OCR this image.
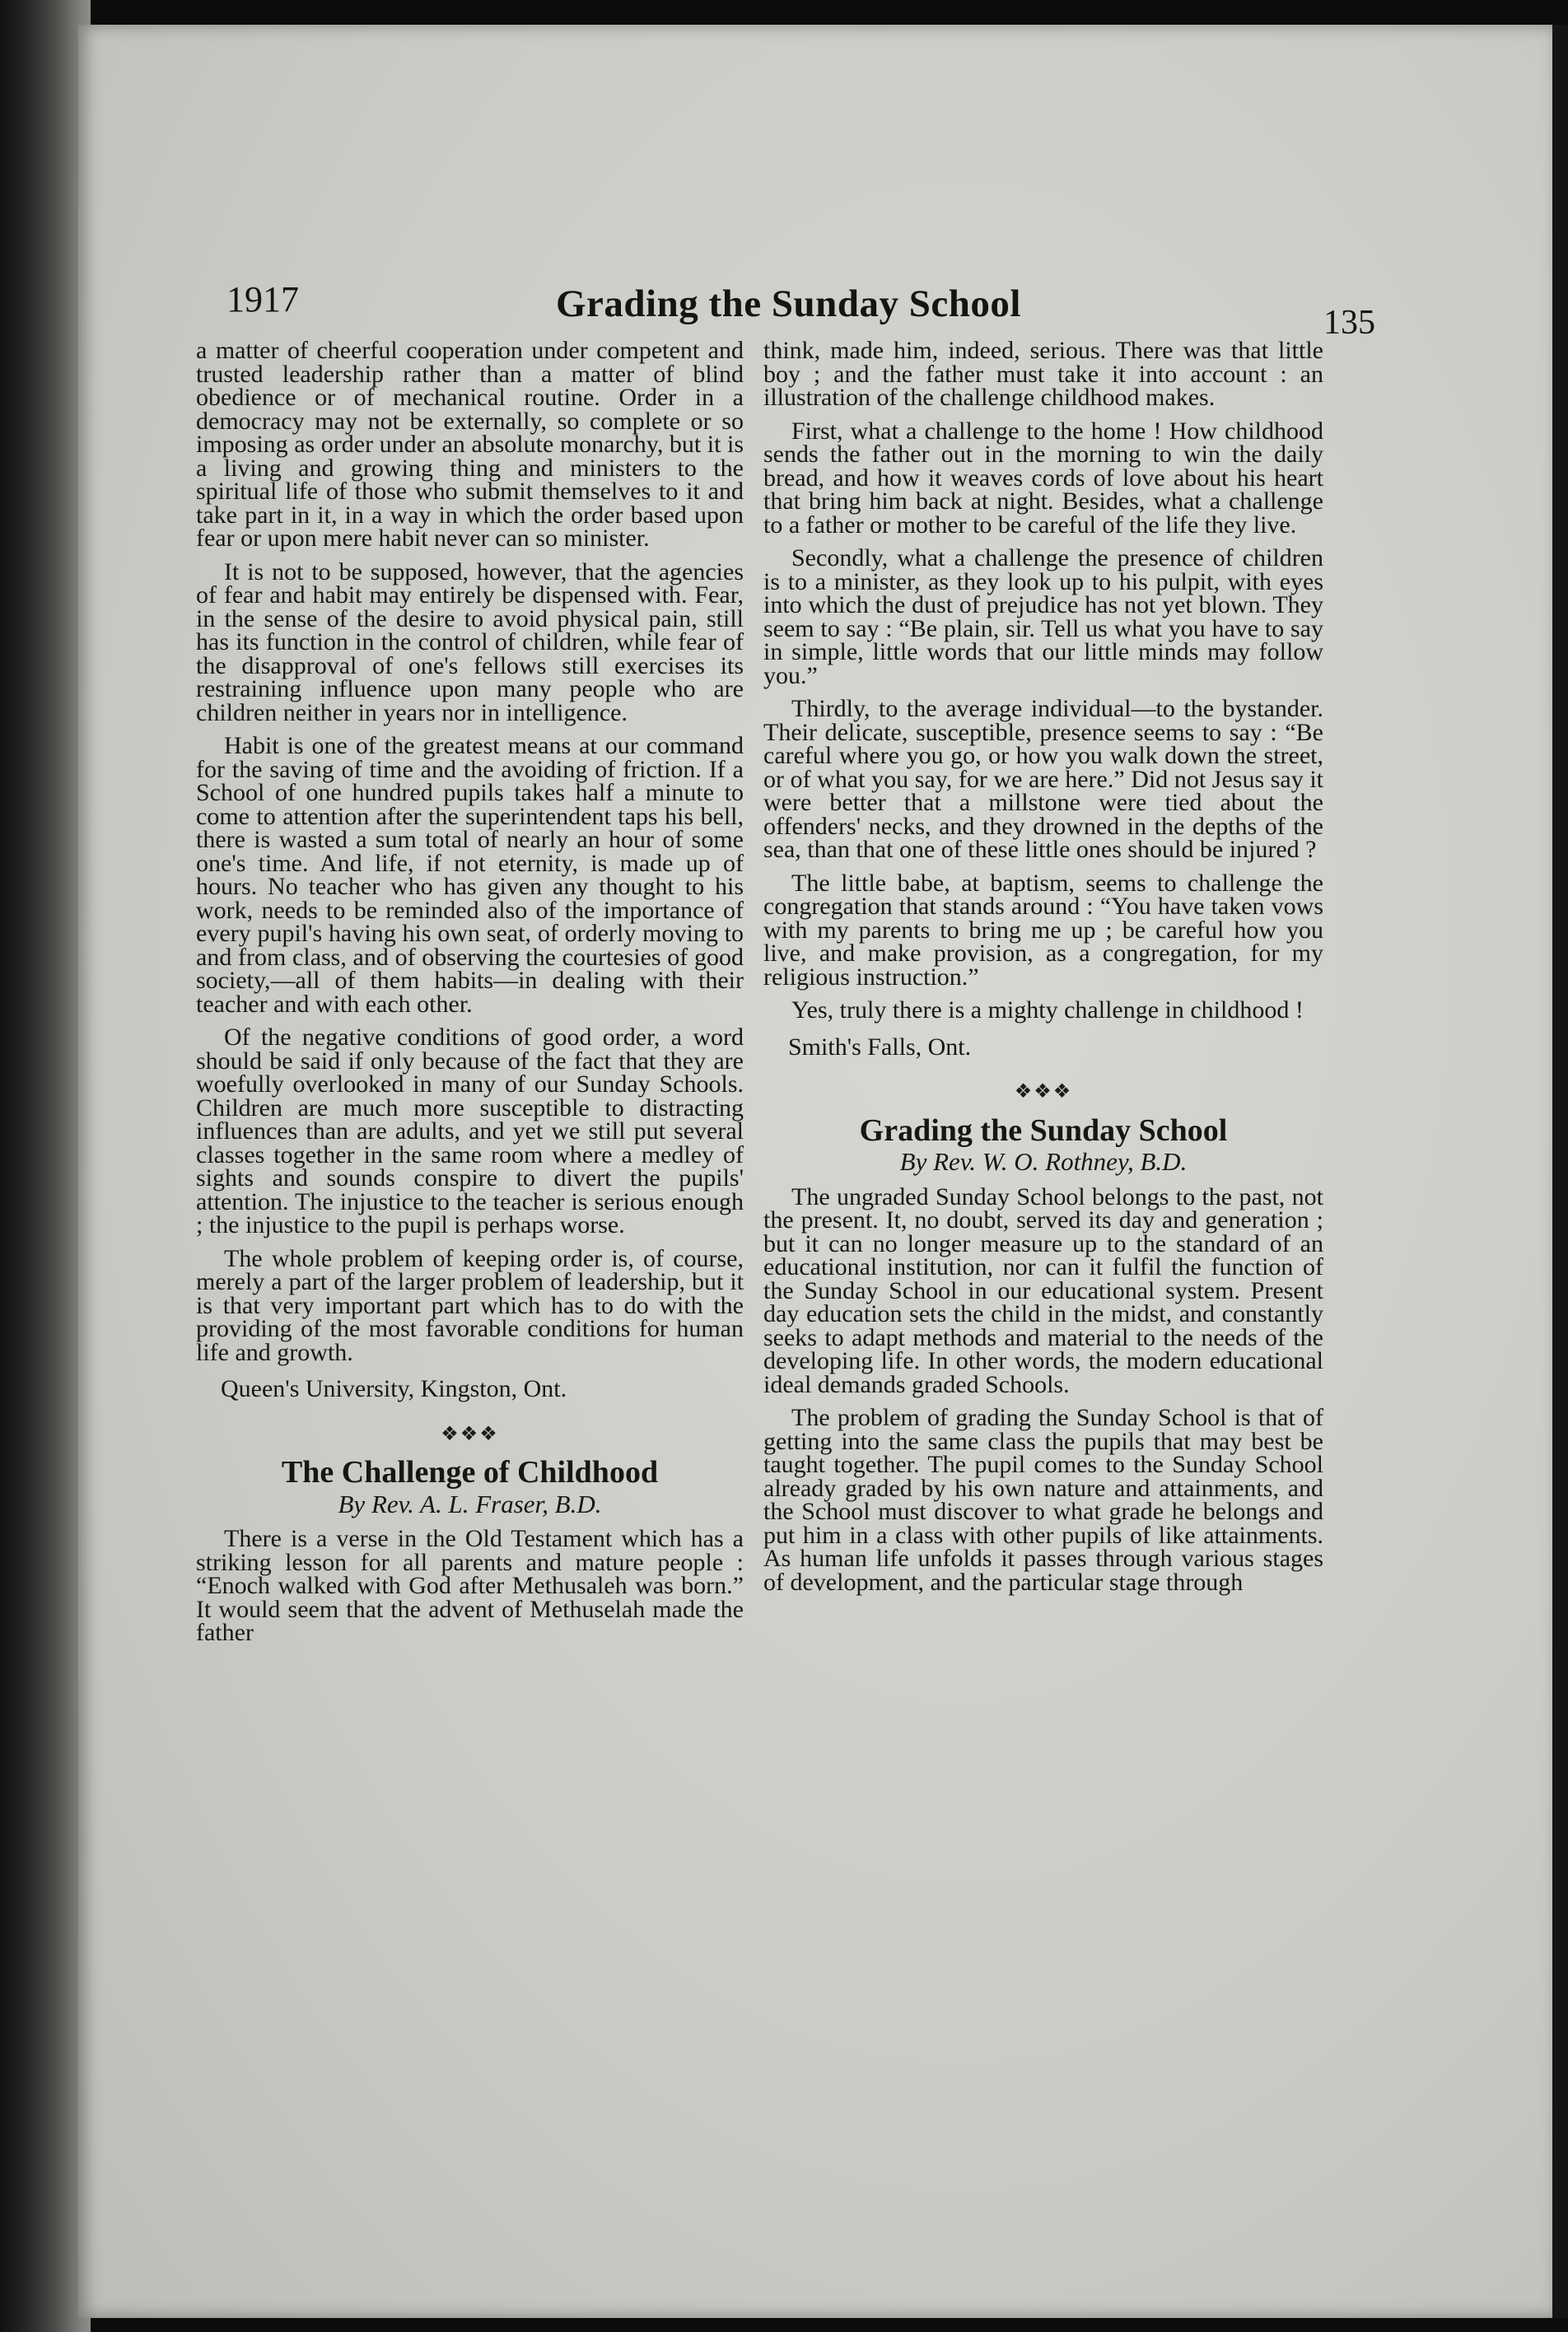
1917	Grading the Sunday School	135

a matter of cheerful cooperation under competent and trusted leadership rather than a matter of blind obedience or of mechanical routine. Order in a democracy may not be externally, so complete or so imposing as order under an absolute monarchy, but it is a living and growing thing and ministers to the spiritual life of those who submit themselves to it and take part in it, in a way in which the order based upon fear or upon mere habit never can so minister.

It is not to be supposed, however, that the agencies of fear and habit may entirely be dispensed with. Fear, in the sense of the desire to avoid physical pain, still has its function in the control of children, while fear of the disapproval of one's fellows still exercises its restraining influence upon many people who are children neither in years nor in intelligence.

Habit is one of the greatest means at our command for the saving of time and the avoiding of friction. If a School of one hundred pupils takes half a minute to come to attention after the superintendent taps his bell, there is wasted a sum total of nearly an hour of some one's time. And life, if not eternity, is made up of hours. No teacher who has given any thought to his work, needs to be reminded also of the importance of every pupil's having his own seat, of orderly moving to and from class, and of observing the courtesies of good society,—all of them habits—in dealing with their teacher and with each other.

Of the negative conditions of good order, a word should be said if only because of the fact that they are woefully overlooked in many of our Sunday Schools. Children are much more susceptible to distracting influences than are adults, and yet we still put several classes together in the same room where a medley of sights and sounds conspire to divert the pupils' attention. The injustice to the teacher is serious enough ; the injustice to the pupil is perhaps worse.

The whole problem of keeping order is, of course, merely a part of the larger problem of leadership, but it is that very important part which has to do with the providing of the most favorable conditions for human life and growth.

Queen's University, Kingston, Ont.
❖❖❖
The Challenge of Childhood
By Rev. A. L. Fraser, B.D.

There is a verse in the Old Testament which has a striking lesson for all parents and mature people : “Enoch walked with God after Methusaleh was born.” It would seem that the advent of Methuselah made the father

think, made him, indeed, serious. There was that little boy ; and the father must take it into account : an illustration of the challenge childhood makes.

First, what a challenge to the home ! How childhood sends the father out in the morning to win the daily bread, and how it weaves cords of love about his heart that bring him back at night. Besides, what a challenge to a father or mother to be careful of the life they live.

Secondly, what a challenge the presence of children is to a minister, as they look up to his pulpit, with eyes into which the dust of prejudice has not yet blown. They seem to say : “Be plain, sir. Tell us what you have to say in simple, little words that our little minds may follow you.”

Thirdly, to the average individual—to the bystander. Their delicate, susceptible, presence seems to say : “Be careful where you go, or how you walk down the street, or of what you say, for we are here.” Did not Jesus say it were better that a millstone were tied about the offenders' necks, and they drowned in the depths of the sea, than that one of these little ones should be injured ?

The little babe, at baptism, seems to challenge the congregation that stands around : “You have taken vows with my parents to bring me up ; be careful how you live, and make provision, as a congregation, for my religious instruction.”

Yes, truly there is a mighty challenge in childhood !

Smith's Falls, Ont.
❖❖❖
Grading the Sunday School
By Rev. W. O. Rothney, B.D.

The ungraded Sunday School belongs to the past, not the present. It, no doubt, served its day and generation ; but it can no longer measure up to the standard of an educational institution, nor can it fulfil the function of the Sunday School in our educational system. Present day education sets the child in the midst, and constantly seeks to adapt methods and material to the needs of the developing life. In other words, the modern educational ideal demands graded Schools.

The problem of grading the Sunday School is that of getting into the same class the pupils that may best be taught together. The pupil comes to the Sunday School already graded by his own nature and attainments, and the School must discover to what grade he belongs and put him in a class with other pupils of like attainments. As human life unfolds it passes through various stages of development, and the particular stage through
